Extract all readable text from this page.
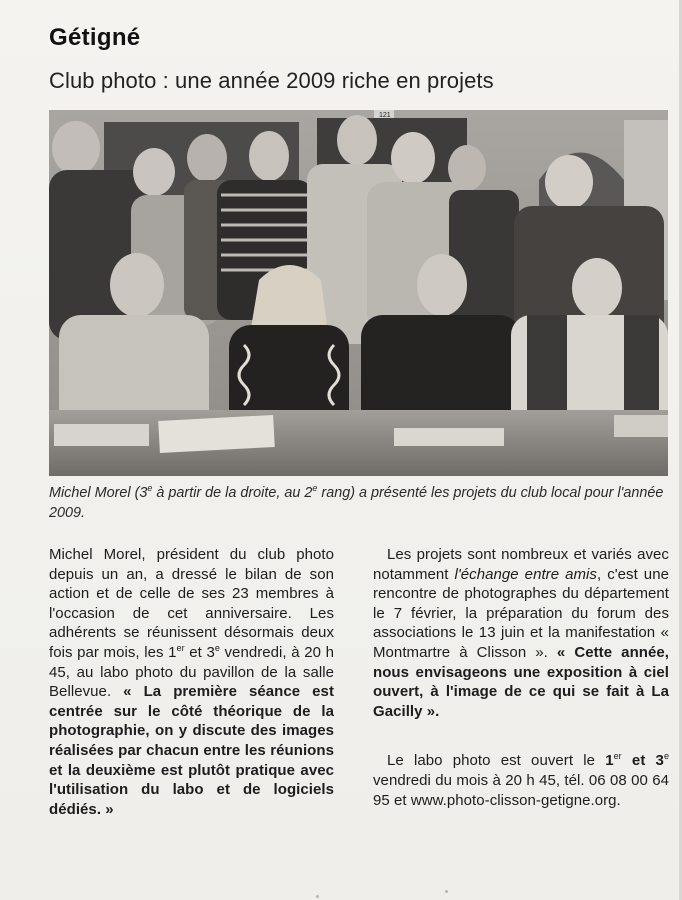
Gétigné
Club photo : une année 2009 riche en projets
121
Michel Morel (3e à partir de la droite, au 2e rang) a présenté les projets du club local pour l'année 2009.

Michel Morel, président du club photo depuis un an, a dressé le bilan de son action et de celle de ses 23 membres à l'occasion de cet anniversaire. Les adhérents se réunissent désormais deux fois par mois, les 1er et 3e vendredi, à 20 h 45, au labo photo du pavillon de la salle Bellevue. « La première séance est centrée sur le côté théorique de la photographie, on y discute des images réalisées par chacun entre les réunions et la deuxième est plutôt pratique avec l'utilisation du labo et de logiciels dédiés. »

Les projets sont nombreux et variés avec notamment l'échange entre amis, c'est une rencontre de photographes du département le 7 février, la préparation du forum des associations le 13 juin et la manifestation « Montmartre à Clisson ». « Cette année, nous envisageons une exposition à ciel ouvert, à l'image de ce qui se fait à La Gacilly ».

Le labo photo est ouvert le 1er et 3e vendredi du mois à 20 h 45, tél. 06 08 00 64 95 et www.photo-clisson-getigne.org.
